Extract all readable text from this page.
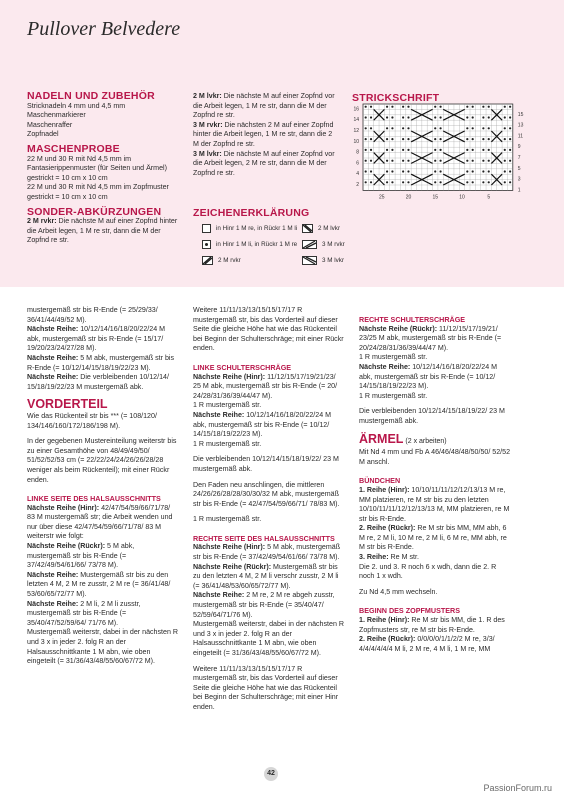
Pullover Belvedere

NADELN UND ZUBEHÖR

Stricknadeln 4 mm und 4,5 mm

Maschenmarkierer

Maschenraffer

Zopfnadel

MASCHENPROBE

22 M und 30 R mit Nd 4,5 mm im

Fantasierippenmuster (für Seiten und Ärmel)

gestrickt = 10 cm x 10 cm

22 M und 30 R mit Nd 4,5 mm im Zopfmuster

gestrickt = 10 cm x 10 cm

SONDER-ABKÜRZUNGEN

2 M rvkr: Die nächste M auf einer Zopfnd hinter die Arbeit legen, 1 M re str, dann die M der Zopfnd re str.

2 M lvkr: Die nächste M auf einer Zopfnd vor die Arbeit legen, 1 M re str, dann die M der Zopfnd re str.

3 M rvkr: Die nächsten 2 M auf einer Zopfnd hinter die Arbeit legen, 1 M re str, dann die 2 M der Zopfnd re str.

3 M lvkr: Die nächste M auf einer Zopfnd vor die Arbeit legen, 2 M re str, dann die M der Zopfnd re str.

ZEICHENERKLÄRUNG
in Hinr 1 M re, in Rückr 1 M li
in Hinr 1 M li, in Rückr 1 M re
2 M rvkr
2 M lvkr
3 M rvkr
3 M lvkr
STRICKSCHRIFT
16
14
12
10
8
6
4
2
15
13
11
9
7
5
3
1
25	20	15	10	5

mustergemäß str bis R-Ende (= 25/29/33/ 36/41/44/49/52 M).

Nächste Reihe: 10/12/14/16/18/20/22/24 M abk, mustergemäß str bis R-Ende (= 15/17/ 19/20/23/24/27/28 M).

Nächste Reihe: 5 M abk, mustergemäß str bis R-Ende (= 10/12/14/15/18/19/22/23 M).

Nächste Reihe: Die verbleibenden 10/12/14/ 15/18/19/22/23 M mustergemäß abk.

VORDERTEIL

Wie das Rückenteil str bis *** (= 108/120/ 134/146/160/172/186/198 M).

In der gegebenen Mustereinteilung weiterstr bis zu einer Gesamthöhe von 48/49/49/50/ 51/52/52/53 cm (= 22/22/24/24/26/26/28/28 weniger als beim Rückenteil); mit einer Rückr enden.

LINKE SEITE DES HALSAUSSCHNITTS

Nächste Reihe (Hinr): 42/47/54/59/66/71/78/ 83 M mustergemäß str; die Arbeit wenden und nur über diese 42/47/54/59/66/71/78/ 83 M weiterstr wie folgt:

Nächste Reihe (Rückr): 5 M abk, mustergemäß str bis R-Ende (= 37/42/49/54/61/66/ 73/78 M).

Nächste Reihe: Mustergemäß str bis zu den letzten 4 M, 2 M re zusstr, 2 M re (= 36/41/48/ 53/60/65/72/77 M).

Nächste Reihe: 2 M li, 2 M li zusstr, mustergemäß str bis R-Ende (= 35/40/47/52/59/64/ 71/76 M).

Mustergemäß weiterstr, dabei in der nächsten R und 3 x in jeder 2. folg R an der Halsausschnittkante 1 M abn, wie oben eingeteilt (= 31/36/43/48/55/60/67/72 M).

Weitere 11/11/13/13/15/15/17/17 R mustergemäß str, bis das Vorderteil auf dieser Seite die gleiche Höhe hat wie das Rückenteil bei Beginn der Schulterschräge; mit einer Rückr enden.

LINKE SCHULTERSCHRÄGE

Nächste Reihe (Hinr): 11/12/15/17/19/21/23/ 25 M abk, mustergemäß str bis R-Ende (= 20/ 24/28/31/36/39/44/47 M).

1 R mustergemäß str.

Nächste Reihe: 10/12/14/16/18/20/22/24 M abk, mustergemäß str bis R-Ende (= 10/12/ 14/15/18/19/22/23 M).

1 R mustergemäß str.

Die verbleibenden 10/12/14/15/18/19/22/ 23 M mustergemäß abk.

Den Faden neu anschlingen, die mittleren 24/26/26/28/28/30/30/32 M abk, mustergemäß str bis R-Ende (= 42/47/54/59/66/71/ 78/83 M).

1 R mustergemäß str.

RECHTE SEITE DES HALSAUSSCHNITTS

Nächste Reihe (Hinr): 5 M abk, mustergemäß str bis R-Ende (= 37/42/49/54/61/66/ 73/78 M).

Nächste Reihe (Rückr): Mustergemäß str bis zu den letzten 4 M, 2 M li verschr zusstr, 2 M li (= 36/41/48/53/60/65/72/77 M).

Nächste Reihe: 2 M re, 2 M re abgeh zusstr, mustergemäß str bis R-Ende (= 35/40/47/ 52/59/64/71/76 M).

Mustergemäß weiterstr, dabei in der nächsten R und 3 x in jeder 2. folg R an der Halsausschnittkante 1 M abn, wie oben eingeteilt (= 31/36/43/48/55/60/67/72 M).

Weitere 11/11/13/13/15/15/17/17 R mustergemäß str, bis das Vorderteil auf dieser Seite die gleiche Höhe hat wie das Rückenteil bei Beginn der Schulterschräge; mit einer Hinr enden.

RECHTE SCHULTERSCHRÄGE

Nächste Reihe (Rückr): 11/12/15/17/19/21/ 23/25 M abk, mustergemäß str bis R-Ende (= 20/24/28/31/36/39/44/47 M).

1 R mustergemäß str.

Nächste Reihe: 10/12/14/16/18/20/22/24 M abk, mustergemäß str bis R-Ende (= 10/12/ 14/15/18/19/22/23 M).

1 R mustergemäß str.

Die verbleibenden 10/12/14/15/18/19/22/ 23 M mustergemäß abk.

ÄRMEL (2 x arbeiten)

Mit Nd 4 mm und Fb A 46/46/48/48/50/50/ 52/52 M anschl.

BÜNDCHEN

1. Reihe (Hinr): 10/10/11/11/12/12/13/13 M re, MM platzieren, re M str bis zu den letzten 10/10/11/11/12/12/13/13 M, MM platzieren, re M str bis R-Ende.

2. Reihe (Rückr): Re M str bis MM, MM abh, 6 M re, 2 M li, 10 M re, 2 M li, 6 M re, MM abh, re M str bis R-Ende.

3. Reihe: Re M str.

Die 2. und 3. R noch 6 x wdh, dann die 2. R noch 1 x wdh.

Zu Nd 4,5 mm wechseln.

BEGINN DES ZOPFMUSTERS

1. Reihe (Hinr): Re M str bis MM, die 1. R des Zopfmusters str, re M str bis R-Ende.

2. Reihe (Rückr): 0/0/0/0/1/1/2/2 M re, 3/3/ 4/4/4/4/4/4 M li, 2 M re, 4 M li, 1 M re, MM

42
PassionForum.ru
